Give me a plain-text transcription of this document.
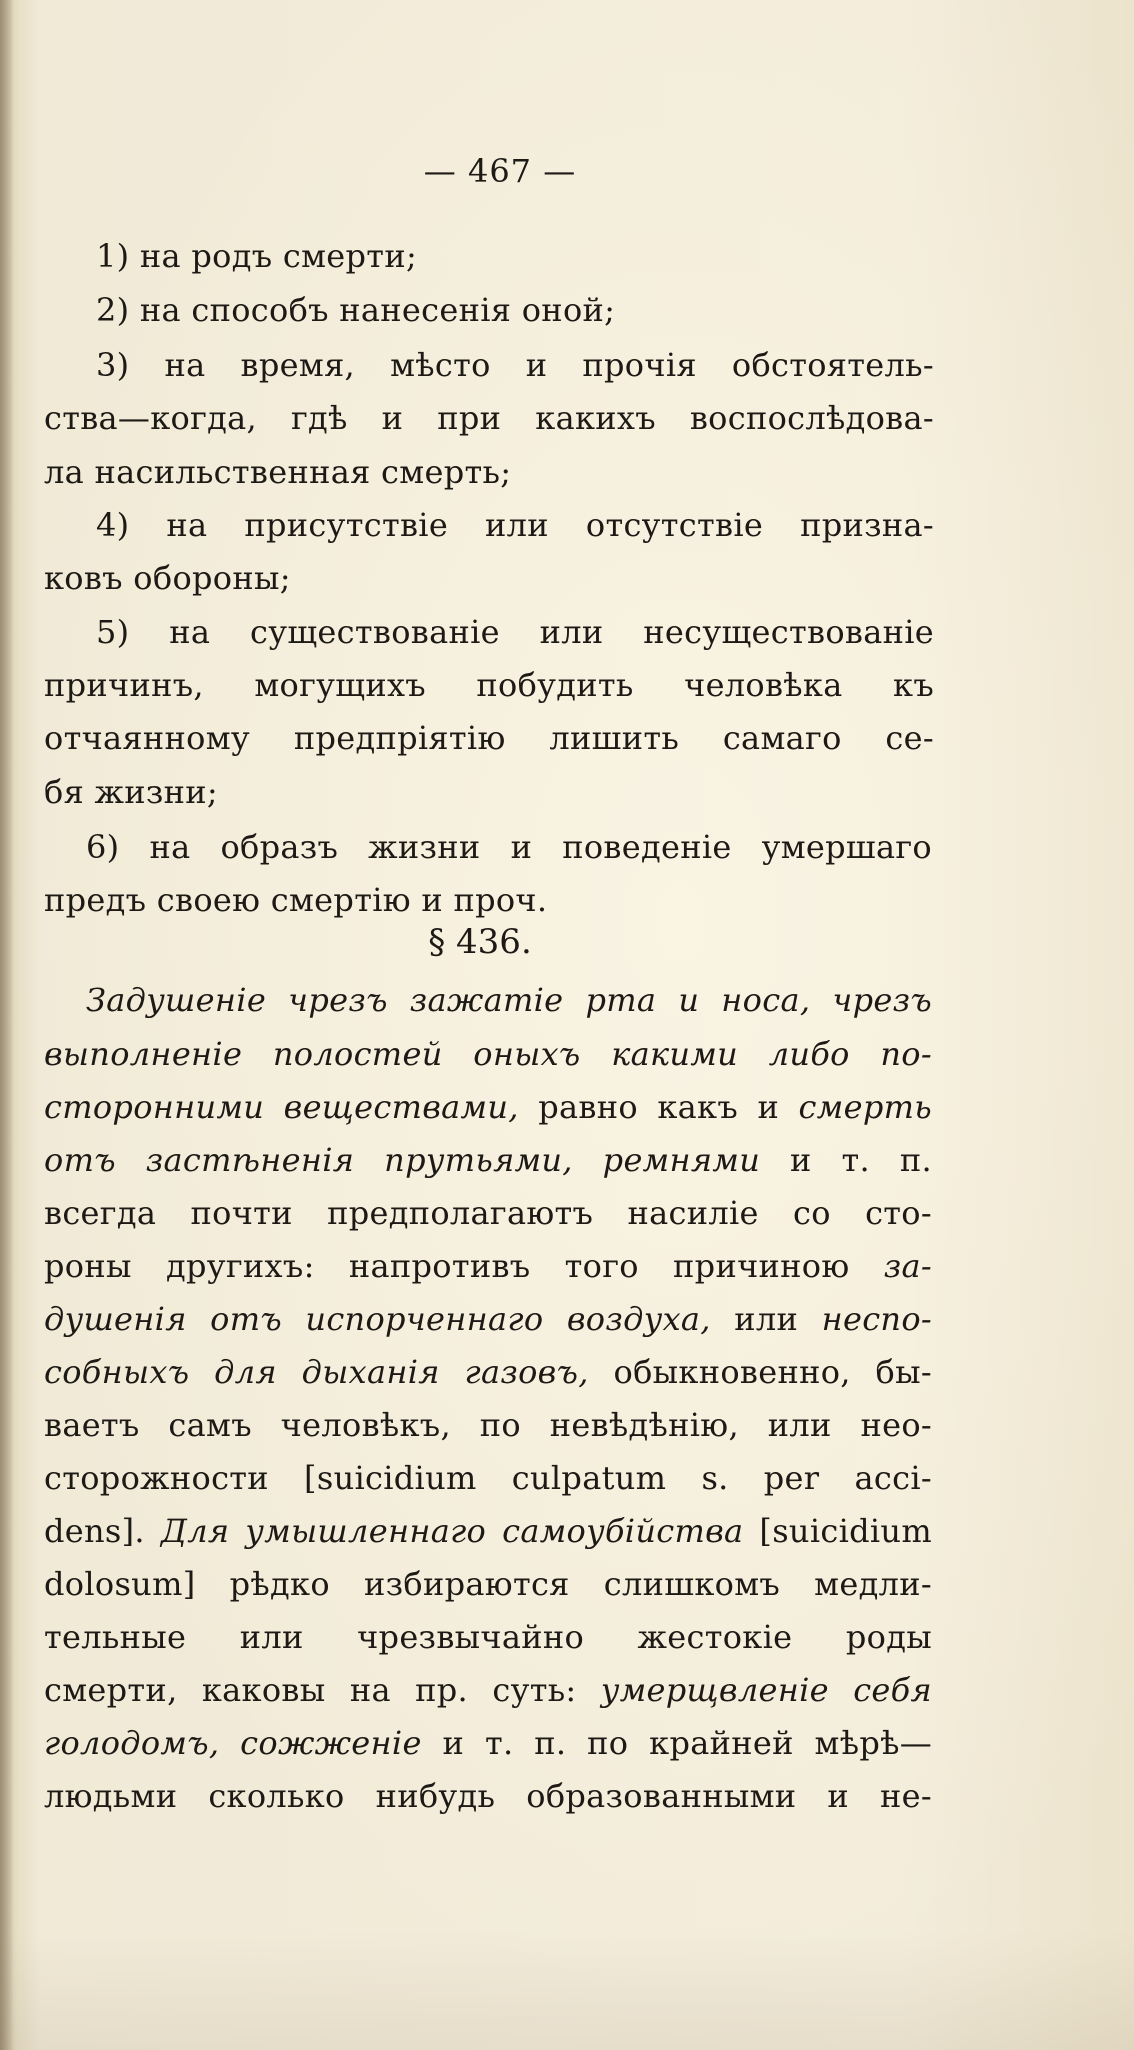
— 467 —
1) на родъ смерти;
2) на способъ нанесенія оной;
3) на время, мѣсто и прочія обстоятель-
ства—когда, гдѣ и при какихъ воспослѣдова-
ла насильственная смерть;
4) на присутствіе или отсутствіе призна-
ковъ обороны;
5) на существованіе или несуществованіе
причинъ, могущихъ побудить человѣка къ
отчаянному предпріятію лишить самаго се-
бя жизни;
6) на образъ жизни и поведеніе умершаго
предъ своею смертію и проч.
§ 436.
Задушеніе чрезъ зажатіе рта и носа, чрезъ
выполненіе полостей оныхъ какими либо по-
сторонними веществами, равно какъ и смерть
отъ застѣненія прутьями, ремнями и т. п.
всегда почти предполагаютъ насиліе со сто-
роны другихъ: напротивъ того причиною за-
душенія отъ испорченнаго воздуха, или неспо-
собныхъ для дыханія газовъ, обыкновенно, бы-
ваетъ самъ человѣкъ, по невѣдѣнію, или нео-
сторожности [suicidium culpatum s. per acci-
dens]. Для умышленнаго самоубійства [suicidium
dolosum] рѣдко избираются слишкомъ медли-
тельные или чрезвычайно жестокіе роды
смерти, каковы на пр. суть: умерщвленіе себя
голодомъ, сожженіе и т. п. по крайней мѣрѣ—
людьми сколько нибудь образованными и не-
